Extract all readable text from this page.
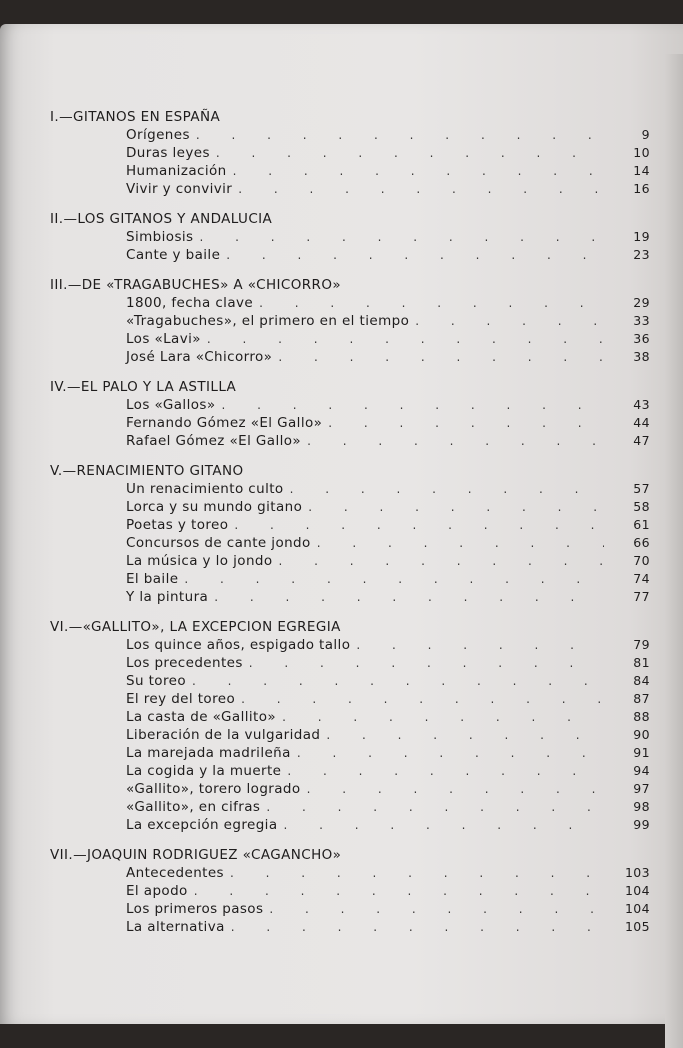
I.—GITANOS EN ESPAÑA
Orígenes . . .	9
Duras leyes . . .	10
Humanización . . .	14
Vivir y convivir . . .	16
II.—LOS GITANOS Y ANDALUCIA
Simbiosis . . .	19
Cante y baile . . .	23
III.—DE «TRAGABUCHES» A «CHICORRO»
1800, fecha clave . . .	29
«Tragabuches», el primero en el tiempo . . .	33
Los «Lavi» . . .	36
José Lara «Chicorro» . . .	38
IV.—EL PALO Y LA ASTILLA
Los «Gallos» . . .	43
Fernando Gómez «El Gallo» . . .	44
Rafael Gómez «El Gallo» . . .	47
V.—RENACIMIENTO GITANO
Un renacimiento culto . . .	57
Lorca y su mundo gitano . . .	58
Poetas y toreo . . .	61
Concursos de cante jondo . . .	66
La música y lo jondo . . .	70
El baile . . .	74
Y la pintura . . .	77
VI.—«GALLITO», LA EXCEPCION EGREGIA
Los quince años, espigado tallo . . .	79
Los precedentes . . .	81
Su toreo . . .	84
El rey del toreo . . .	87
La casta de «Gallito» . . .	88
Liberación de la vulgaridad . . .	90
La marejada madrileña . . .	91
La cogida y la muerte . . .	94
«Gallito», torero logrado . . .	97
«Gallito», en cifras . . .	98
La excepción egregia . . .	99
VII.—JOAQUIN RODRIGUEZ «CAGANCHO»
Antecedentes . . .	103
El apodo . . .	104
Los primeros pasos . . .	104
La alternativa . . .	105
